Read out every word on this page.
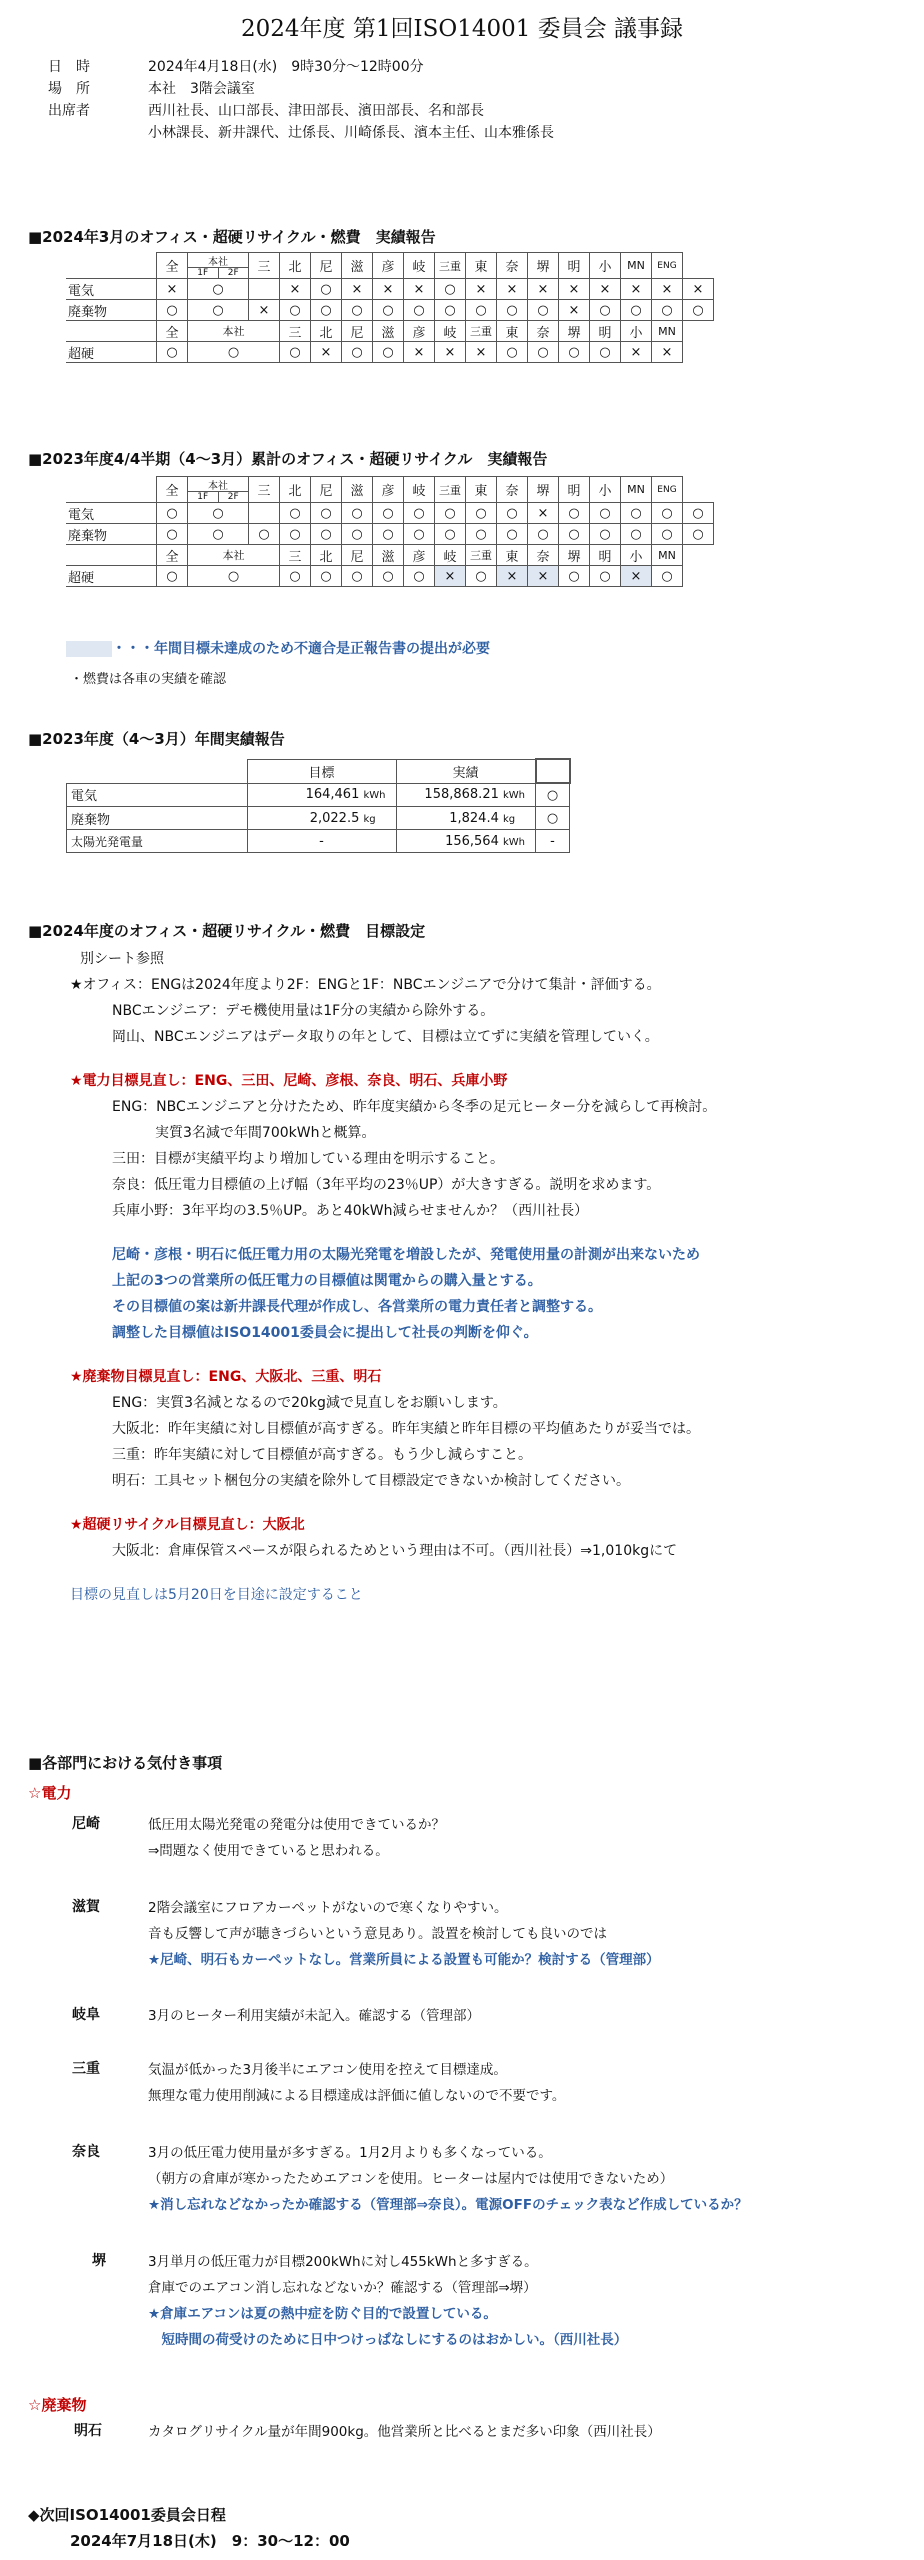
2024年度 第1回ISO14001 委員会 議事録
日　時	2024年4月18日(水)　9時30分〜12時00分
場　所	本社　3階会議室
出席者	西川社長、山口部長、津田部長、濱田部長、名和部長
小林課長、新井課代、辻係長、川崎係長、濱本主任、山本雅係長
■2024年3月のオフィス・超硬リサイクル・燃費　実績報告
	全	本社
1F 2F	三	北	尼	滋	彦	岐	三重	東	奈	堺	明	小	MN	ENG	
電気	×	○		×	○	×	×	×	○	×	×	×	×	×	×	×	×
廃棄物	○	○	×	○	○	○	○	○	○	○	○	○	×	○	○	○	○
	全	本社		三	北	尼	滋	彦	岐	三重	東	奈	堺	明	小	MN	
超硬	○	○		○	×	○	○	×	×	×	○	○	○	○	×	×	
■2023年度4/4半期（4〜3月）累計のオフィス・超硬リサイクル　実績報告
	全	本社
1F 2F	三	北	尼	滋	彦	岐	三重	東	奈	堺	明	小	MN	ENG	
電気	○	○		○	○	○	○	○	○	○	○	×	○	○	○	○	○
廃棄物	○	○	○	○	○	○	○	○	○	○	○	○	○	○	○	○	○
	全	本社		三	北	尼	滋	彦	岐	三重	東	奈	堺	明	小	MN	
超硬	○	○		○	○	○	○	○	×	○	×	×	○	○	×	○	
・・・年間目標未達成のため不適合是正報告書の提出が必要
・燃費は各車の実績を確認
■2023年度（4〜3月）年間実績報告
	目標	実績	
電気	164,461 kWh	158,868.21 kWh	○
廃棄物	2,022.5 kg	1,824.4 kg	○
太陽光発電量	-	156,564 kWh	-
■2024年度のオフィス・超硬リサイクル・燃費　目標設定
別シート参照
★オフィス：ENGは2024年度より2F：ENGと1F：NBCエンジニアで分けて集計・評価する。
NBCエンジニア：デモ機使用量は1F分の実績から除外する。
岡山、NBCエンジニアはデータ取りの年として、目標は立てずに実績を管理していく。
★電力目標見直し：ENG、三田、尼崎、彦根、奈良、明石、兵庫小野
ENG：NBCエンジニアと分けたため、昨年度実績から冬季の足元ヒーター分を減らして再検討。
実質3名減で年間700kWhと概算。
三田：目標が実績平均より増加している理由を明示すること。
奈良：低圧電力目標値の上げ幅（3年平均の23％UP）が大きすぎる。説明を求めます。
兵庫小野：3年平均の3.5％UP。あと40kWh減らせませんか？（西川社長）
尼崎・彦根・明石に低圧電力用の太陽光発電を増設したが、発電使用量の計測が出来ないため
上記の3つの営業所の低圧電力の目標値は関電からの購入量とする。
その目標値の案は新井課長代理が作成し、各営業所の電力責任者と調整する。
調整した目標値はISO14001委員会に提出して社長の判断を仰ぐ。
★廃棄物目標見直し：ENG、大阪北、三重、明石
ENG：実質3名減となるので20kg減で見直しをお願いします。
大阪北：昨年実績に対し目標値が高すぎる。昨年実績と昨年目標の平均値あたりが妥当では。
三重：昨年実績に対して目標値が高すぎる。もう少し減らすこと。
明石：工具セット梱包分の実績を除外して目標設定できないか検討してください。
★超硬リサイクル目標見直し：大阪北
大阪北：倉庫保管スペースが限られるためという理由は不可。（西川社長）⇒1,010kgにて
目標の見直しは5月20日を目途に設定すること
■各部門における気付き事項
☆電力
尼崎	低圧用太陽光発電の発電分は使用できているか？
⇒問題なく使用できていると思われる。
滋賀	2階会議室にフロアカーペットがないので寒くなりやすい。
音も反響して声が聴きづらいという意見あり。設置を検討しても良いのでは
★尼崎、明石もカーペットなし。営業所員による設置も可能か？検討する（管理部）
岐阜	3月のヒーター利用実績が未記入。確認する（管理部）
三重	気温が低かった3月後半にエアコン使用を控えて目標達成。
無理な電力使用削減による目標達成は評価に値しないので不要です。
奈良	3月の低圧電力使用量が多すぎる。1月2月よりも多くなっている。
（朝方の倉庫が寒かったためエアコンを使用。ヒーターは屋内では使用できないため）
★消し忘れなどなかったか確認する（管理部⇒奈良）。電源OFFのチェック表など作成しているか？
堺	3月単月の低圧電力が目標200kWhに対し455kWhと多すぎる。
倉庫でのエアコン消し忘れなどないか？確認する（管理部⇒堺）
★倉庫エアコンは夏の熱中症を防ぐ目的で設置している。
　短時間の荷受けのために日中つけっぱなしにするのはおかしい。（西川社長）
☆廃棄物
明石	カタログリサイクル量が年間900kg。他営業所と比べるとまだ多い印象（西川社長）
◆次回ISO14001委員会日程
2024年7月18日(木)　9：30〜12：00
